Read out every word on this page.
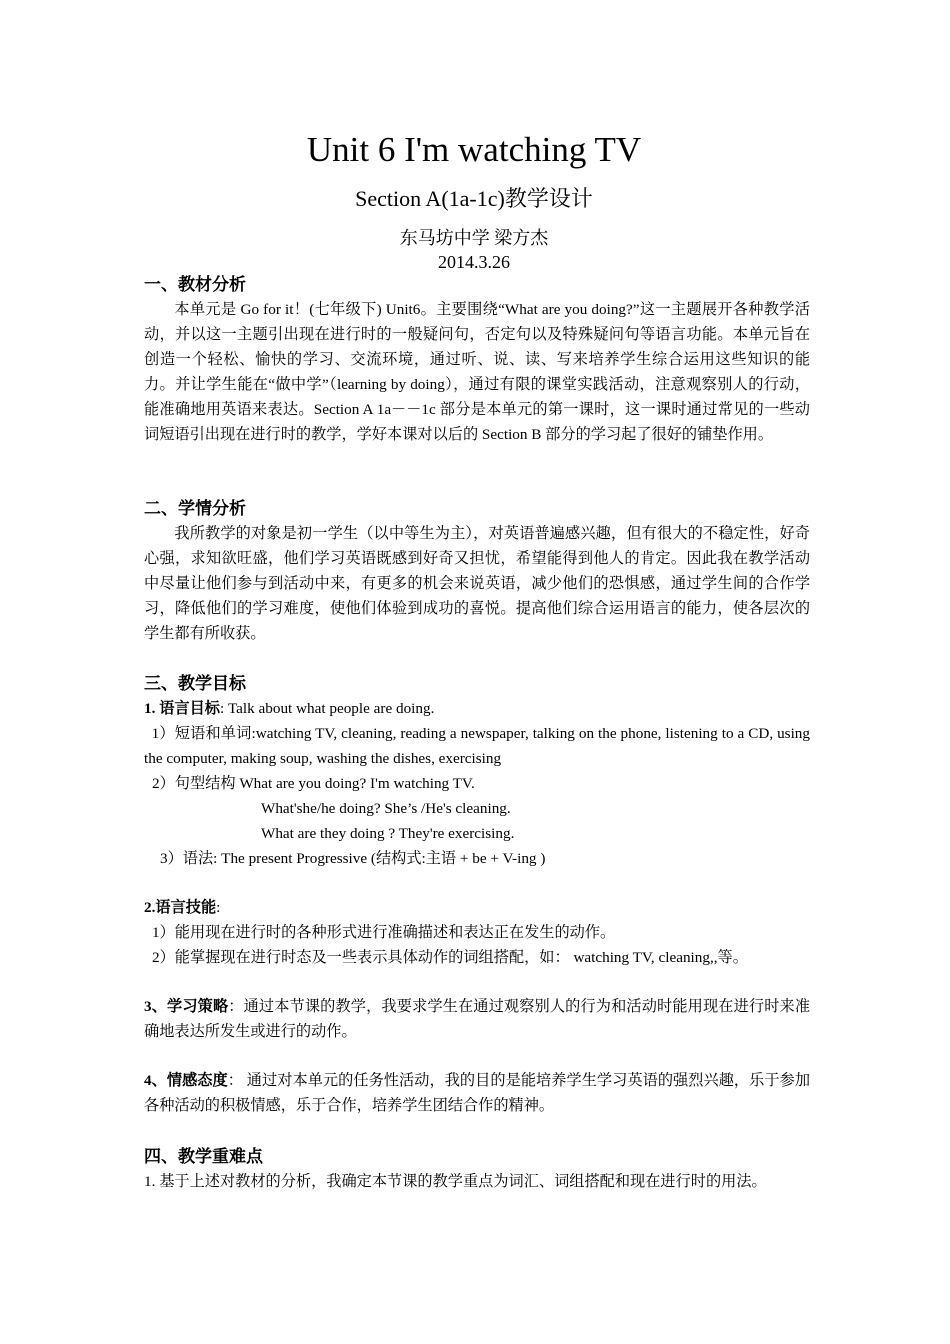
Unit 6 I'm watching TV
Section A(1a-1c)教学设计
东马坊中学 梁方杰
2014.3.26
一、教材分析
本单元是 Go for it！(七年级下) Unit6。主要围绕“What are you doing?”这一主题展开各种教学活动，并以这一主题引出现在进行时的一般疑问句，否定句以及特殊疑问句等语言功能。本单元旨在创造一个轻松、愉快的学习、交流环境，通过听、说、读、写来培养学生综合运用这些知识的能力。并让学生能在“做中学”（learning by doing），通过有限的课堂实践活动，注意观察别人的行动，能准确地用英语来表达。Section A 1a－－1c 部分是本单元的第一课时，这一课时通过常见的一些动词短语引出现在进行时的教学，学好本课对以后的 Section B 部分的学习起了很好的铺垫作用。
二、学情分析
我所教学的对象是初一学生（以中等生为主），对英语普遍感兴趣，但有很大的不稳定性，好奇心强，求知欲旺盛，他们学习英语既感到好奇又担忧，希望能得到他人的肯定。因此我在教学活动中尽量让他们参与到活动中来，有更多的机会来说英语，减少他们的恐惧感，通过学生间的合作学习，降低他们的学习难度，使他们体验到成功的喜悦。提高他们综合运用语言的能力，使各层次的学生都有所收获。
三、教学目标
1. 语言目标: Talk about what people are doing.
1）短语和单词:watching TV, cleaning, reading a newspaper, talking on the phone, listening to a CD, using the computer, making soup, washing the dishes, exercising
2）句型结构 What are you doing? I'm watching TV.
What'she/he doing? She’s /He's cleaning.
What are they doing ? They're exercising.
3）语法: The present Progressive (结构式:主语 + be + V-ing )
2.语言技能:
1）能用现在进行时的各种形式进行准确描述和表达正在发生的动作。
2）能掌握现在进行时态及一些表示具体动作的词组搭配，如： watching TV, cleaning,,等。
3、学习策略：通过本节课的教学，我要求学生在通过观察别人的行为和活动时能用现在进行时来准确地表达所发生或进行的动作。
4、情感态度： 通过对本单元的任务性活动，我的目的是能培养学生学习英语的强烈兴趣，乐于参加各种活动的积极情感，乐于合作，培养学生团结合作的精神。
四、教学重难点
1. 基于上述对教材的分析，我确定本节课的教学重点为词汇、词组搭配和现在进行时的用法。
